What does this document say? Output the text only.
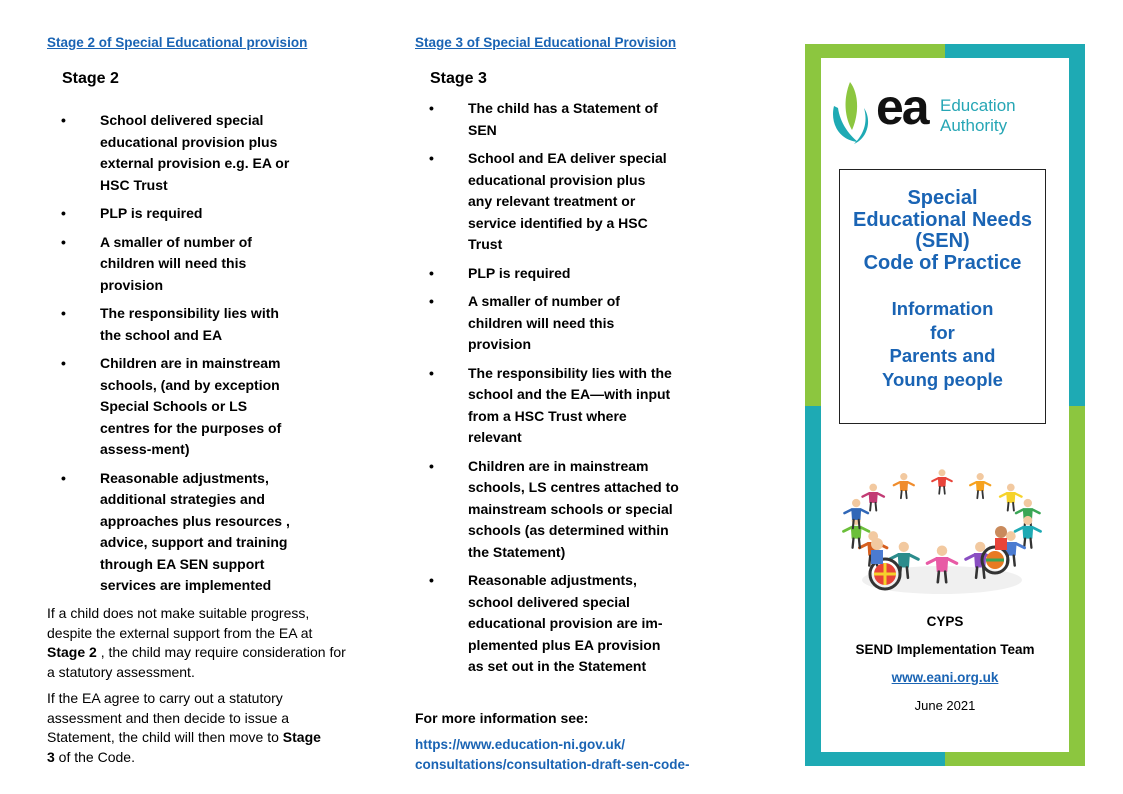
Stage 2 of Special Educational provision
Stage 2
• School delivered special educational provision plus external provision e.g. EA or HSC Trust
• PLP is required
• A smaller of number of children will need this provision
• The responsibility lies with the school and EA
• Children are in mainstream schools, (and by exception Special Schools or LS centres for the purposes of assess-ment)
• Reasonable adjustments, additional strategies and approaches plus resources , advice, support and training through EA SEN support services are implemented
If a child does not make suitable progress, despite the external support from the EA at Stage 2 , the child may require consideration for a statutory assessment.
If the EA agree to carry out a statutory assessment and then decide to issue a Statement, the child will then move to Stage
3 of the Code.
Stage 3 of Special Educational Provision
Stage 3
• The child has a Statement of SEN
• School and EA deliver special educational provision plus any relevant treatment or service identified by a HSC Trust
• PLP is required
• A smaller of number of children will need this provision
• The responsibility lies with the school and the EA—with input from a HSC Trust where relevant
• Children are in mainstream schools, LS centres attached to mainstream schools or special schools (as determined within the Statement)
• Reasonable adjustments, school delivered special educational provision are im-plemented plus EA provision as set out in the Statement
For more information see:
https://www.education-ni.gov.uk/
consultations/consultation-draft-sen-code-
ea Education
Authority
Special
Educational Needs
(SEN)
Code of Practice
Information
for
Parents and
Young people
CYPS
SEND Implementation Team
www.eani.org.uk
June 2021
